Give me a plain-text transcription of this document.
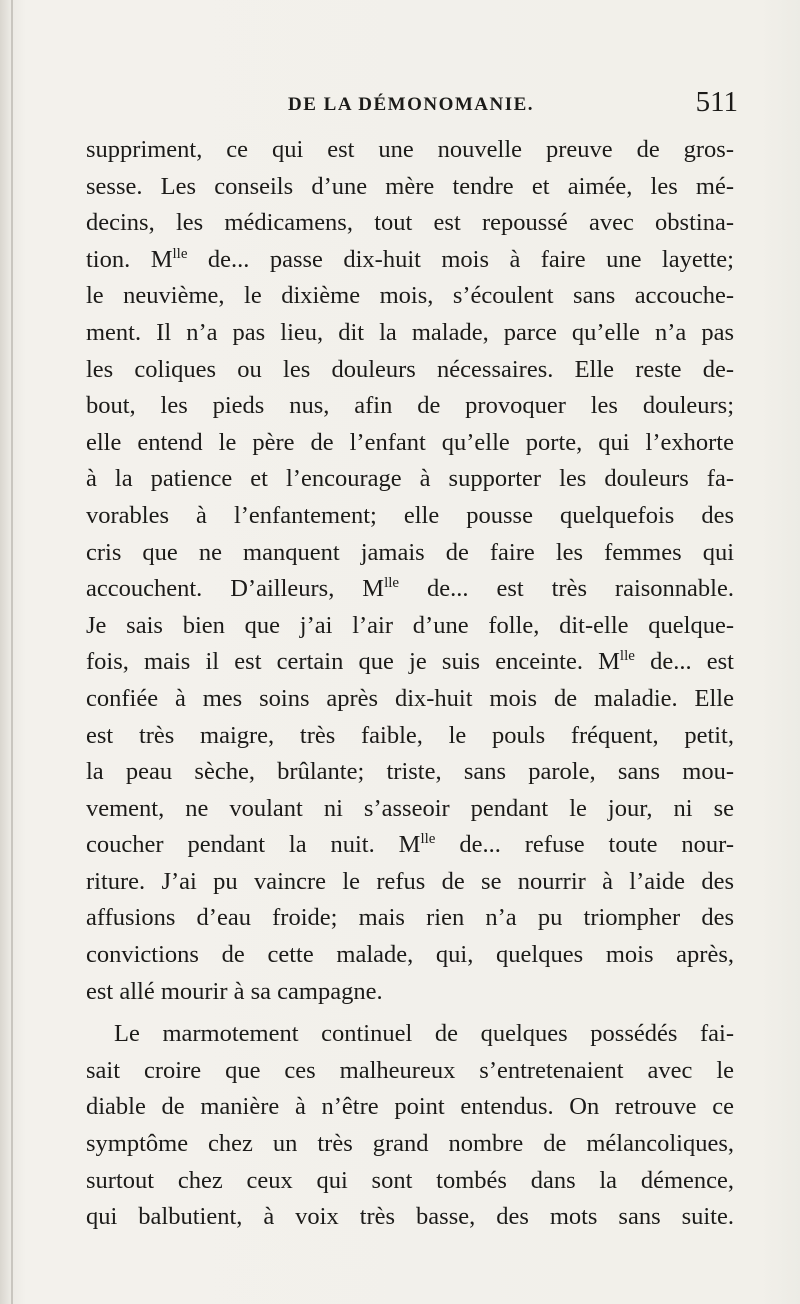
DE LA DÉMONOMANIE.	511
suppriment, ce qui est une nouvelle preuve de gros-
sesse. Les conseils d’une mère tendre et aimée, les mé-
decins, les médicamens, tout est repoussé avec obstina-
tion. $M^{lle}$ de... passe dix-huit mois à faire une layette;
le neuvième, le dixième mois, s’écoulent sans accouche-
ment. Il n’a pas lieu, dit la malade, parce qu’elle n’a pas
les coliques ou les douleurs nécessaires. Elle reste de-
bout, les pieds nus, afin de provoquer les douleurs;
elle entend le père de l’enfant qu’elle porte, qui l’exhorte
à la patience et l’encourage à supporter les douleurs fa-
vorables à l’enfantement; elle pousse quelquefois des
cris que ne manquent jamais de faire les femmes qui
accouchent. D’ailleurs, $M^{lle}$ de... est très raisonnable.
Je sais bien que j’ai l’air d’une folle, dit-elle quelque-
fois, mais il est certain que je suis enceinte. $M^{lle}$ de... est
confiée à mes soins après dix-huit mois de maladie. Elle
est très maigre, très faible, le pouls fréquent, petit,
la peau sèche, brûlante; triste, sans parole, sans mou-
vement, ne voulant ni s’asseoir pendant le jour, ni se
coucher pendant la nuit. $M^{lle}$ de... refuse toute nour-
riture. J’ai pu vaincre le refus de se nourrir à l’aide des
affusions d’eau froide; mais rien n’a pu triompher des
convictions de cette malade, qui, quelques mois après,
est allé mourir à sa campagne.
Le marmotement continuel de quelques possédés fai-
sait croire que ces malheureux s’entretenaient avec le
diable de manière à n’être point entendus. On retrouve ce
symptôme chez un très grand nombre de mélancoliques,
surtout chez ceux qui sont tombés dans la démence,
qui balbutient, à voix très basse, des mots sans suite.
